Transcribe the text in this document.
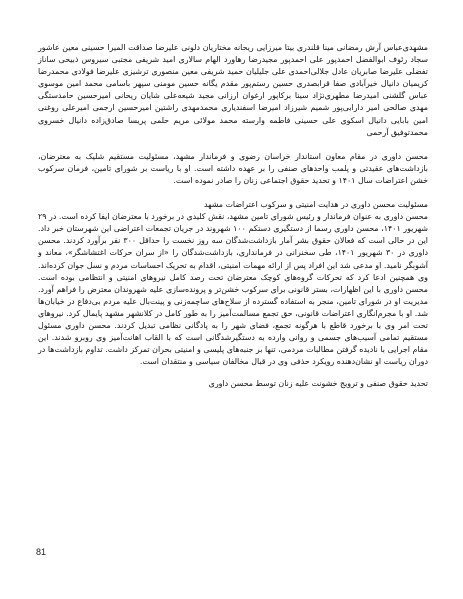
مشهدی‌عباس آرش رمضانی مینا قلندری بیتا میرزایی ریحانه مختاریان دلونی علیرضا صداقت المیرا حسینی معین عاشور سجاد رئوف ابوالفضل احمدپور علی احمدپور مجیدرضا رهاورد الهام سالاری امید شریفی مجتبی سیروس ذبیحی ساناز تفضلی علیرضا صابریان عادل جلالی‌احمدی علی جلیلیان حمید شریفی معین منصوری ترشیزی علیرضا فولادی محمدرضا کریمیان دانیال خیرآبادی صفا قرابصدری حسین رستم‌پور مقدم یگانه حسین مومنی سپهر باسامی محمد امین موسوی عباس گلشنی امیدرضا مطهری‌نژاد سینا برکاپور ارغوان ارزانی مجید شیعه‌علی شایان ریحانی امیرحسین حامدستگی مهدی صالحی امیر دارابی‌پور شمیم شیرزاد امیرضا اسفندیاری محمدمهدی راشتین امیرحسین ارجمی امیرعلی روغنی امین بابایی دانیال اسکوی علی حسینی فاطمه وارسته محمد مولائی مریم حلمی پریسا صادق‌زاده دانیال خسروی محمدتوفیق آرحمی

محسن داوری در مقام معاون استاندار خراسان رضوی و فرماندار مشهد، مسئولیت مستقیم شلیک به معترضان، بازداشت‌های عقیدتی و پلمب واحدهای صنفی را بر عهده داشته است. او با ریاست بر شورای تامین، فرمان سرکوب خشن اعتراضات سال ۱۴۰۱ و تحدید حقوق اجتماعی زنان را صادر نموده است.

مسئولیت محسن داوری در هدایت امنیتی و سرکوب اعتراضات مشهد

محسن داوری به عنوان فرماندار و رئیس شورای تامین مشهد، نقش کلیدی در برخورد با معترضان ایفا کرده است. در ۲۹ شهریور ۱۴۰۱، محسن داوری رسما از دستگیری دستکم ۱۰۰ شهروند در جریان تجمعات اعتراضی این شهرستان خبر داد. این در حالی است که فعالان حقوق بشر آمار بازداشت‌شدگان سه روز نخست را حداقل ۳۰۰ نفر برآورد کردند. محسن داوری در ۳۰ شهریور ۱۴۰۱، طی سخنرانی در فرمانداری، بازداشت‌شدگان را «از سران حرکات اغتشاشگر»، معاند و آشوبگر نامید. او مدعی شد این افراد پس از ارائه مهمات امنیتی، اقدام به تحریک احساسات مردم و نسل جوان کرده‌اند. وی همچنین ادعا کرد که تحرکات گروه‌های کوچک معترضان تحت رصد کامل نیروهای امنیتی و انتظامی بوده است. محسن داوری با این اظهارات، بستر قانونی برای سرکوب خشن‌تر و پرونده‌سازی علیه شهروندان معترض را فراهم آورد. مدیریت او در شورای تامین، منجر به استفاده گسترده از سلاح‌های ساچمه‌زنی و پینت‌بال علیه مردم بی‌دفاع در خیابان‌ها شد. او با مجرم‌انگاری اعتراضات قانونی، حق تجمع مسالمت‌آمیز را به طور کامل در کلانشهر مشهد پایمال کرد. نیروهای تحت امر وی با برخورد قاطع با هرگونه تجمع، فضای شهر را به پادگانی نظامی تبدیل کردند. محسن داوری مسئول مستقیم تمامی آسیب‌های جسمی و روانی وارده به دستگیرشدگانی است که با القاب اهانت‌آمیز وی روبرو شدند. این مقام اجرایی با نادیده گرفتن مطالبات مردمی، تنها بر جنبه‌های پلیسی و امنیتی بحران تمرکز داشت. تداوم بازداشت‌ها در دوران ریاست او نشان‌دهنده رویکرد حذفی وی در قبال مخالفان سیاسی و منتقدان است.

تحدید حقوق صنفی و ترویج خشونت علیه زنان توسط محسن داوری

81
